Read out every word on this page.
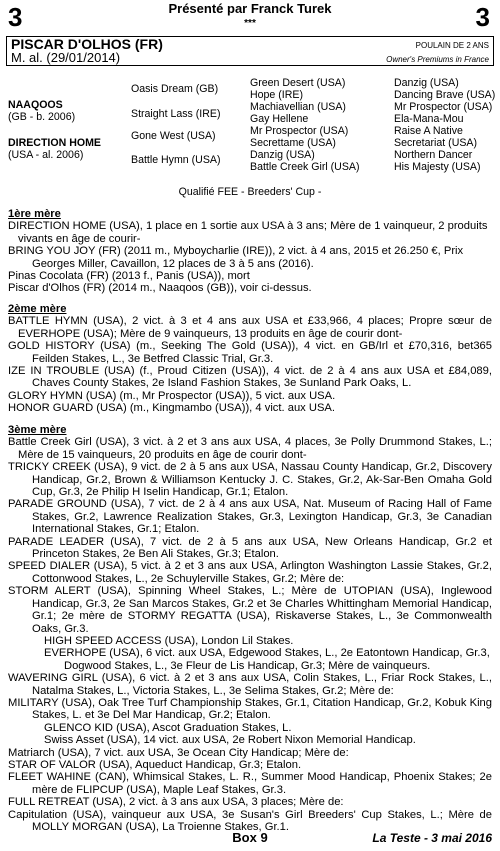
3	3
Présenté par Franck Turek
***
PISCAR D'OLHOS (FR)
M. al. (29/01/2014)
POULAIN DE 2 ANS
Owner's Premiums in France
NAAQOOS
(GB - b. 2006)
DIRECTION HOME
(USA - al. 2006)
Oasis Dream (GB)
Straight Lass (IRE)
Gone West (USA)
Battle Hymn (USA)
Green Desert (USA)
Hope (IRE)
Machiavellian (USA)
Gay Hellene
Mr Prospector (USA)
Secrettame (USA)
Danzig (USA)
Battle Creek Girl (USA)
Danzig (USA)
Dancing Brave (USA)
Mr Prospector (USA)
Ela-Mana-Mou
Raise A Native
Secretariat (USA)
Northern Dancer
His Majesty (USA)
Qualifié FEE - Breeders' Cup -
1ère mère

DIRECTION HOME (USA), 1 place en 1 sortie aux USA à 3 ans; Mère de 1 vainqueur, 2 produits vivants en âge de courir-

BRING YOU JOY (FR) (2011 m., Myboycharlie (IRE)), 2 vict. à 4 ans, 2015 et 26.250 €, Prix Georges Miller, Cavaillon, 12 places de 3 à 5 ans (2016).

Pinas Cocolata (FR) (2013 f., Panis (USA)), mort

Piscar d'Olhos (FR) (2014 m., Naaqoos (GB)), voir ci-dessus.

2ème mère

BATTLE HYMN (USA), 2 vict. à 3 et 4 ans aux USA et £33,966, 4 places; Propre sœur de EVERHOPE (USA); Mère de 9 vainqueurs, 13 produits en âge de courir dont-

GOLD HISTORY (USA) (m., Seeking The Gold (USA)), 4 vict. en GB/Irl et £70,316, bet365 Feilden Stakes, L., 3e Betfred Classic Trial, Gr.3.

IZE IN TROUBLE (USA) (f., Proud Citizen (USA)), 4 vict. de 2 à 4 ans aux USA et £84,089, Chaves County Stakes, 2e Island Fashion Stakes, 3e Sunland Park Oaks, L.

GLORY HYMN (USA) (m., Mr Prospector (USA)), 5 vict. aux USA.

HONOR GUARD (USA) (m., Kingmambo (USA)), 4 vict. aux USA.

3ème mère

Battle Creek Girl (USA), 3 vict. à 2 et 3 ans aux USA, 4 places, 3e Polly Drummond Stakes, L.; Mère de 15 vainqueurs, 20 produits en âge de courir dont-

TRICKY CREEK (USA), 9 vict. de 2 à 5 ans aux USA, Nassau County Handicap, Gr.2, Discovery Handicap, Gr.2, Brown & Williamson Kentucky J. C. Stakes, Gr.2, Ak-Sar-Ben Omaha Gold Cup, Gr.3, 2e Philip H Iselin Handicap, Gr.1; Etalon.

PARADE GROUND (USA), 7 vict. de 2 à 4 ans aux USA, Nat. Museum of Racing Hall of Fame Stakes, Gr.2, Lawrence Realization Stakes, Gr.3, Lexington Handicap, Gr.3, 3e Canadian International Stakes, Gr.1; Etalon.

PARADE LEADER (USA), 7 vict. de 2 à 5 ans aux USA, New Orleans Handicap, Gr.2 et Princeton Stakes, 2e Ben Ali Stakes, Gr.3; Etalon.

SPEED DIALER (USA), 5 vict. à 2 et 3 ans aux USA, Arlington Washington Lassie Stakes, Gr.2, Cottonwood Stakes, L., 2e Schuylerville Stakes, Gr.2; Mère de:

STORM ALERT (USA), Spinning Wheel Stakes, L.; Mère de UTOPIAN (USA), Inglewood Handicap, Gr.3, 2e San Marcos Stakes, Gr.2 et 3e Charles Whittingham Memorial Handicap, Gr.1; 2e mère de STORMY REGATTA (USA), Riskaverse Stakes, L., 3e Commonwealth Oaks, Gr.3.

HIGH SPEED ACCESS (USA), London Lil Stakes.

EVERHOPE (USA), 6 vict. aux USA, Edgewood Stakes, L., 2e Eatontown Handicap, Gr.3, Dogwood Stakes, L., 3e Fleur de Lis Handicap, Gr.3; Mère de vainqueurs.

WAVERING GIRL (USA), 6 vict. à 2 et 3 ans aux USA, Colin Stakes, L., Friar Rock Stakes, L., Natalma Stakes, L., Victoria Stakes, L., 3e Selima Stakes, Gr.2; Mère de:

MILITARY (USA), Oak Tree Turf Championship Stakes, Gr.1, Citation Handicap, Gr.2, Kobuk King Stakes, L. et 3e Del Mar Handicap, Gr.2; Etalon.

GLENCO KID (USA), Ascot Graduation Stakes, L.

Swiss Asset (USA), 14 vict. aux USA, 2e Robert Nixon Memorial Handicap.

Matriarch (USA), 7 vict. aux USA, 3e Ocean City Handicap; Mère de:

STAR OF VALOR (USA), Aqueduct Handicap, Gr.3; Etalon.

FLEET WAHINE (CAN), Whimsical Stakes, L. R., Summer Mood Handicap, Phoenix Stakes; 2e mère de FLIPCUP (USA), Maple Leaf Stakes, Gr.3.

FULL RETREAT (USA), 2 vict. à 3 ans aux USA, 3 places; Mère de:

Capitulation (USA), vainqueur aux USA, 3e Susan's Girl Breeders' Cup Stakes, L.; Mère de MOLLY MORGAN (USA), La Troienne Stakes, Gr.1.

Box 9	La Teste - 3 mai 2016
